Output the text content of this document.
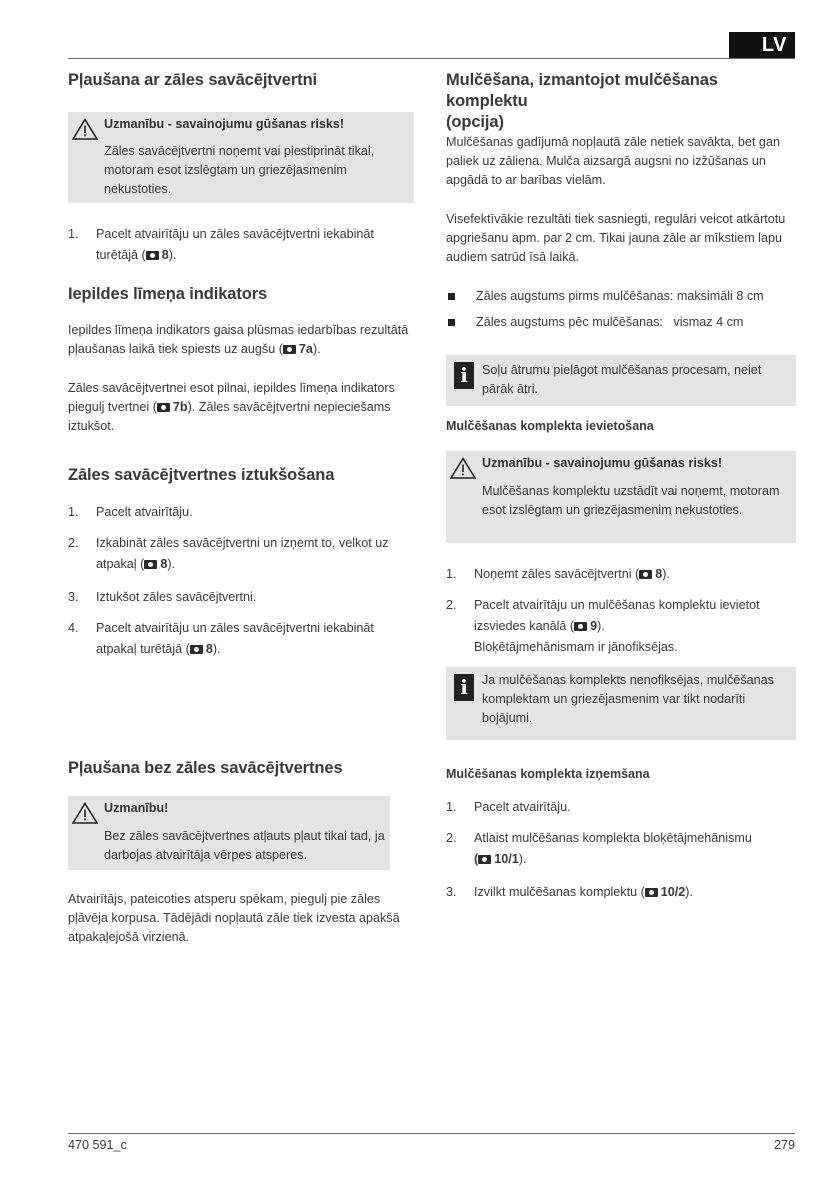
LV
Pļaušana ar zāles savācējtvertni
Uzmanību - savainojumu gūšanas risks!
Zāles savācējtvertni noņemt vai piestiprināt tikai, motoram esot izslēgtam un griezējasmenim nekustoties.
1.	Pacelt atvairītāju un zāles savācējtvertni iekabināt turētājā ( 8).
Iepildes līmeņa indikators
Iepildes līmeņa indikators gaisa plūsmas iedarbības rezultātā pļaušanas laikā tiek spiests uz augšu ( 7a).
Zāles savācējtvertnei esot pilnai, iepildes līmeņa indikators piegulj tvertnei ( 7b). Zāles savācējtvertni nepieciešams iztukšot.
Zāles savācējtvertnes iztukšošana
1.	Pacelt atvairītāju.
2.	Izkabināt zāles savācējtvertni un izņemt to, velkot uz atpakaļ ( 8).
3.	Iztukšot zāles savācējtvertni.
4.	Pacelt atvairītāju un zāles savācējtvertni iekabināt atpakaļ turētājā ( 8).
Pļaušana bez zāles savācējtvertnes
Uzmanību!
Bez zāles savācējtvertnes atļauts pļaut tikai tad, ja darbojas atvairītāja vērpes atsperes.
Atvairītājs, pateicoties atsperu spēkam, piegulj pie zāles pļāvēja korpusa. Tādējādi nopļautā zāle tiek izvesta apakšā atpakaļejošā virzienā.
Mulčēšana, izmantojot mulčēšanas komplektu
(opcija)
Mulčēšanas gadījumā nopļautā zāle netiek savākta, bet gan paliek uz zāliena. Mulča aizsargā augsni no izžūšanas un apgādā to ar barības vielām.
Visefektīvākie rezultāti tiek sasniegti, regulāri veicot atkārtotu apgriešanu apm. par 2 cm. Tikai jauna zāle ar mīkstiem lapu audiem satrūd īsā laikā.
Zāles augstums pirms mulčēšanas: maksimāli 8 cm
Zāles augstums pēc mulčēšanas:   vismaz 4 cm
i	Soļu ātrumu pielāgot mulčēšanas procesam, neiet pārāk ātri.
Mulčēšanas komplekta ievietošana
Uzmanību - savainojumu gūšanas risks!
Mulčēšanas komplektu uzstādīt vai noņemt, motoram esot izslēgtam un griezējasmenim nekustoties.
1.	Noņemt zāles savācējtvertni ( 8).
2.	Pacelt atvairītāju un mulčēšanas komplektu ievietot izsviedes kanālā ( 9).
Bloķētājmehānismam ir jānofiksējas.
i	Ja mulčēšanas komplekts nenofiksējas, mulčēšanas komplektam un griezējasmenim var tikt nodarīti bojājumi.
Mulčēšanas komplekta izņemšana
1.	Pacelt atvairītāju.
2.	Atlaist mulčēšanas komplekta bloķētājmehānismu
( 10/1).
3.	Izvilkt mulčēšanas komplektu ( 10/2).
470 591_c	279
